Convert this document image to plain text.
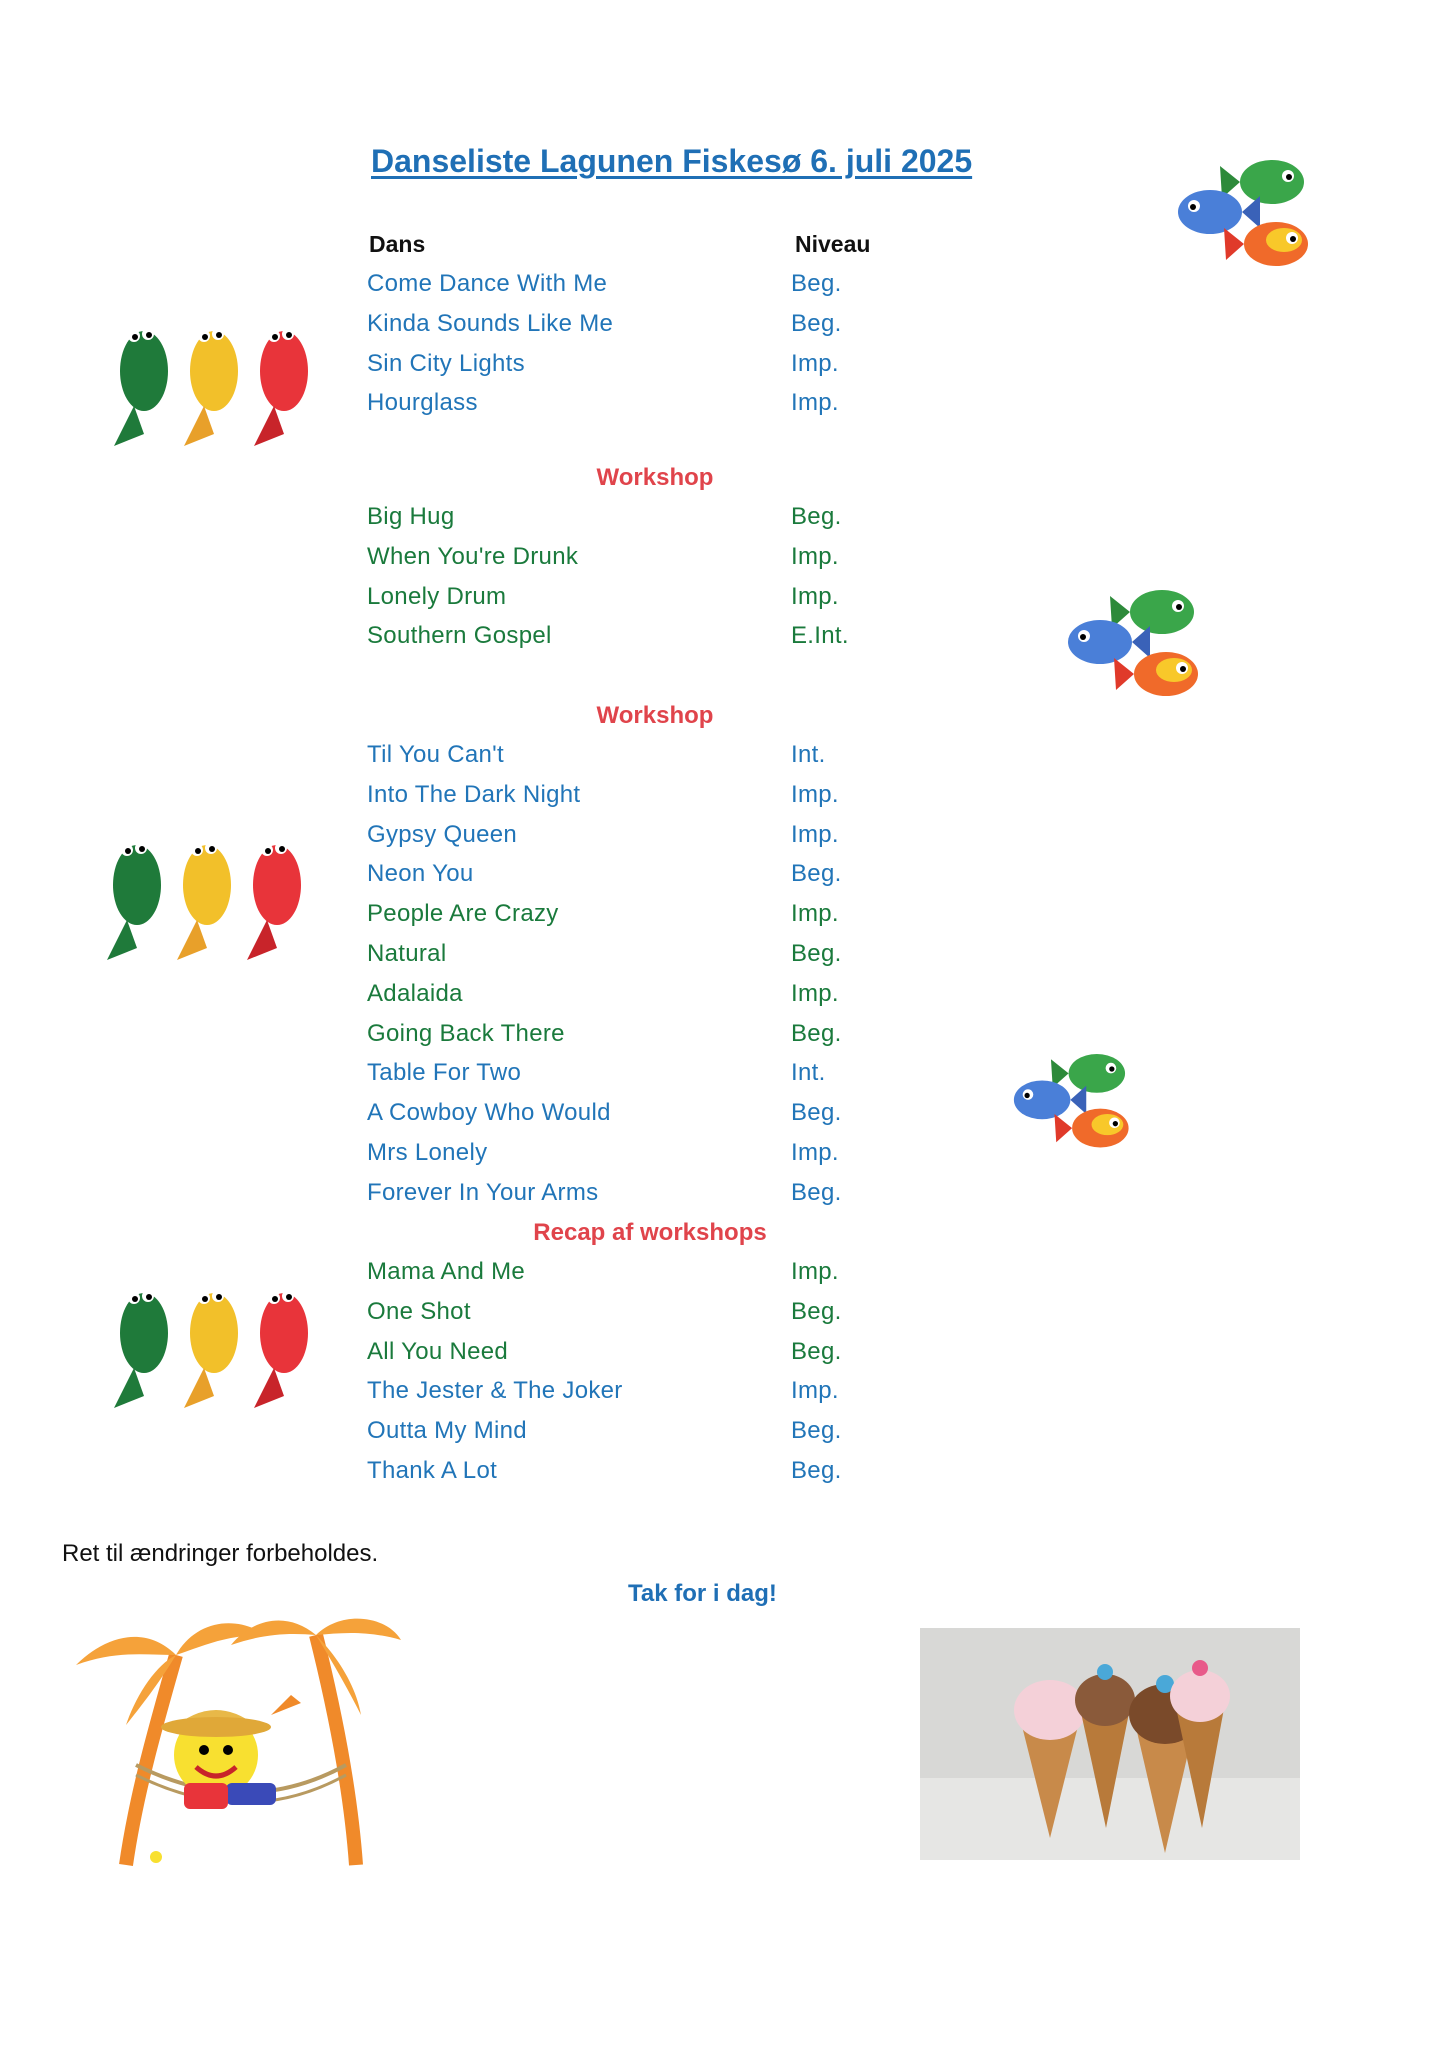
Danseliste Lagunen Fiskesø 6. juli 2025
Dans	Niveau
Come Dance With Me	Beg.
Kinda Sounds Like Me	Beg.
Sin City Lights	Imp.
Hourglass	Imp.
Workshop
Big Hug	Beg.
When You're Drunk	Imp.
Lonely Drum	Imp.
Southern Gospel	E.Int.
Workshop
Til You Can't	Int.
Into The Dark Night	Imp.
Gypsy Queen	Imp.
Neon You	Beg.
People Are Crazy	Imp.
Natural	Beg.
Adalaida	Imp.
Going Back There	Beg.
Table For Two	Int.
A Cowboy Who Would	Beg.
Mrs Lonely	Imp.
Forever In Your Arms	Beg.
Recap af workshops
Mama And Me	Imp.
One Shot	Beg.
All You Need	Beg.
The Jester & The Joker	Imp.
Outta My Mind	Beg.
Thank A Lot	Beg.
Ret til ændringer forbeholdes.
Tak for i dag!
